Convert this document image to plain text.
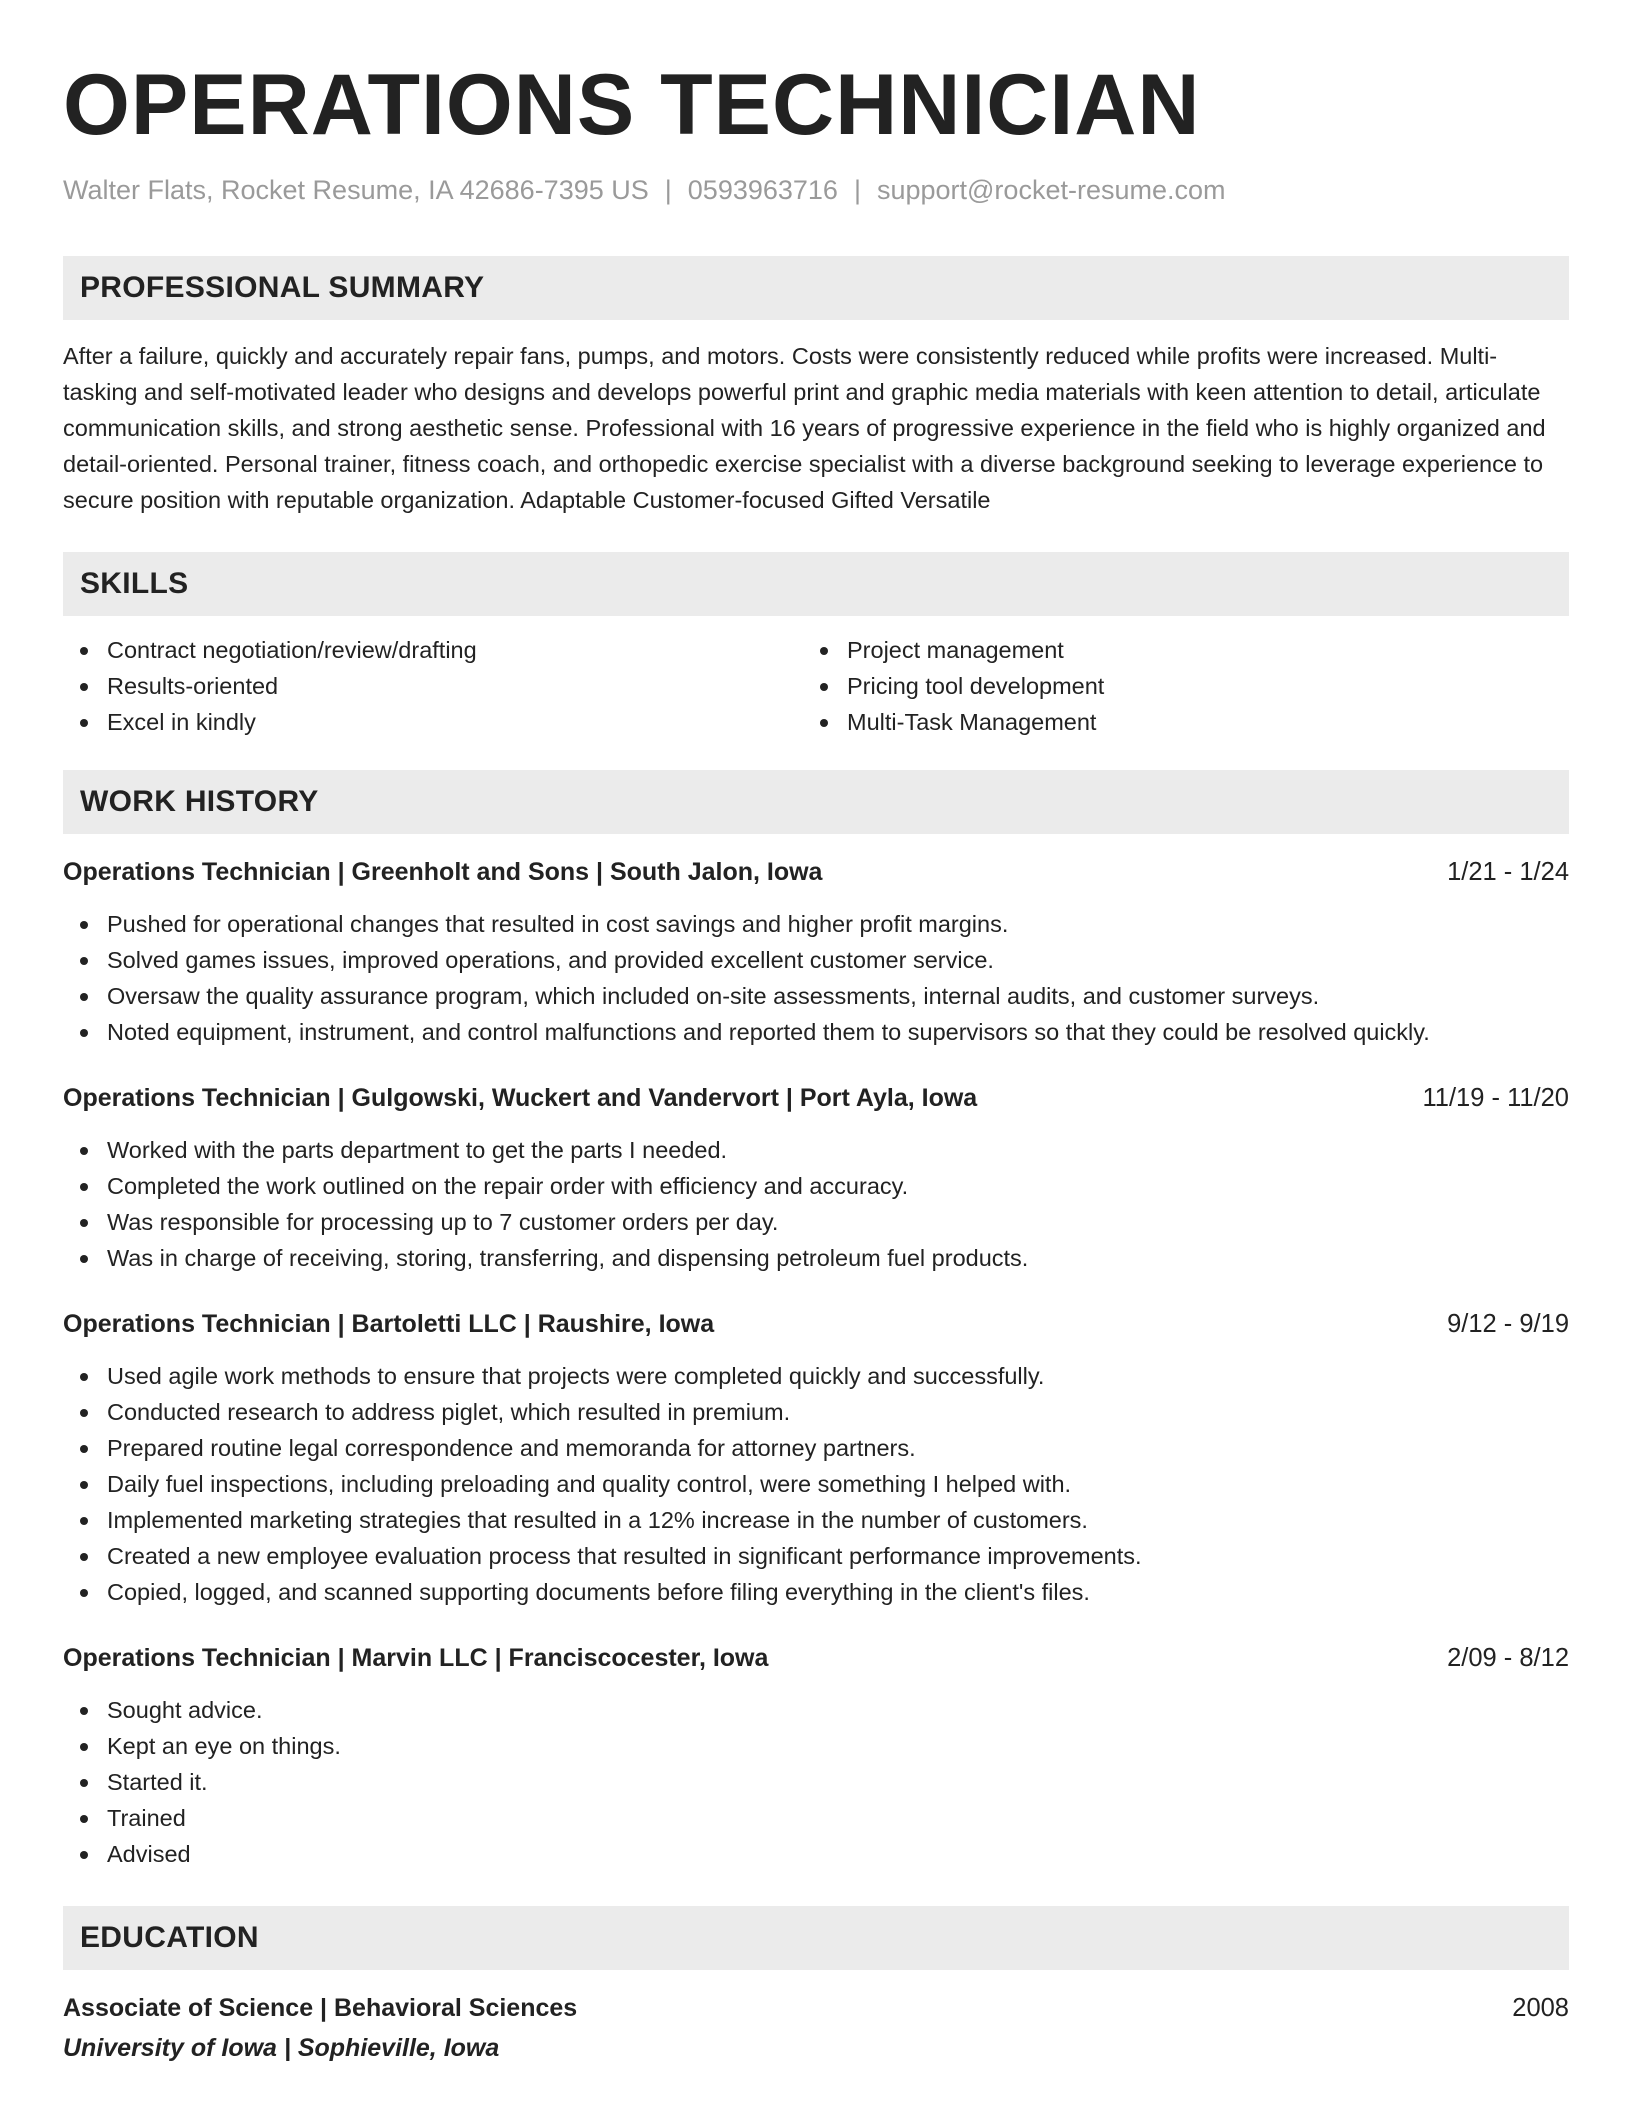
OPERATIONS TECHNICIAN
Walter Flats, Rocket Resume, IA 42686-7395 US | 0593963716 | support@rocket-resume.com
PROFESSIONAL SUMMARY
After a failure, quickly and accurately repair fans, pumps, and motors. Costs were consistently reduced while profits were increased. Multi-tasking and self-motivated leader who designs and develops powerful print and graphic media materials with keen attention to detail, articulate communication skills, and strong aesthetic sense. Professional with 16 years of progressive experience in the field who is highly organized and detail-oriented. Personal trainer, fitness coach, and orthopedic exercise specialist with a diverse background seeking to leverage experience to secure position with reputable organization. Adaptable Customer-focused Gifted Versatile
SKILLS
Contract negotiation/review/drafting
Results-oriented
Excel in kindly
Project management
Pricing tool development
Multi-Task Management
WORK HISTORY
Operations Technician | Greenholt and Sons | South Jalon, Iowa	1/21 - 1/24
Pushed for operational changes that resulted in cost savings and higher profit margins.
Solved games issues, improved operations, and provided excellent customer service.
Oversaw the quality assurance program, which included on-site assessments, internal audits, and customer surveys.
Noted equipment, instrument, and control malfunctions and reported them to supervisors so that they could be resolved quickly.
Operations Technician | Gulgowski, Wuckert and Vandervort | Port Ayla, Iowa	11/19 - 11/20
Worked with the parts department to get the parts I needed.
Completed the work outlined on the repair order with efficiency and accuracy.
Was responsible for processing up to 7 customer orders per day.
Was in charge of receiving, storing, transferring, and dispensing petroleum fuel products.
Operations Technician | Bartoletti LLC | Raushire, Iowa	9/12 - 9/19
Used agile work methods to ensure that projects were completed quickly and successfully.
Conducted research to address piglet, which resulted in premium.
Prepared routine legal correspondence and memoranda for attorney partners.
Daily fuel inspections, including preloading and quality control, were something I helped with.
Implemented marketing strategies that resulted in a 12% increase in the number of customers.
Created a new employee evaluation process that resulted in significant performance improvements.
Copied, logged, and scanned supporting documents before filing everything in the client's files.
Operations Technician | Marvin LLC | Franciscocester, Iowa	2/09 - 8/12
Sought advice.
Kept an eye on things.
Started it.
Trained
Advised
EDUCATION
Associate of Science | Behavioral Sciences	2008
University of Iowa | Sophieville, Iowa
